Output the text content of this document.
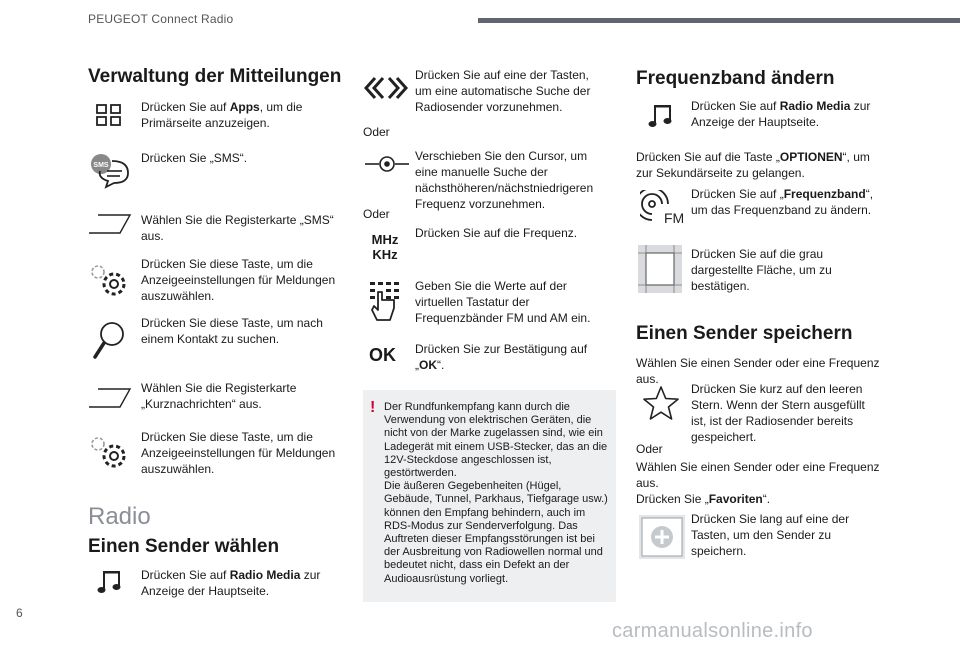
PEUGEOT Connect Radio
Verwaltung der Mitteilungen
Drücken Sie auf Apps, um die Primärseite anzuzeigen.
SMS
Drücken Sie „SMS“.
Wählen Sie die Registerkarte „SMS“ aus.
Drücken Sie diese Taste, um die Anzeigeeinstellungen für Meldungen auszuwählen.
Drücken Sie diese Taste, um nach einem Kontakt zu suchen.
Wählen Sie die Registerkarte „Kurznachrichten“ aus.
Drücken Sie diese Taste, um die Anzeigeeinstellungen für Meldungen auszuwählen.
Radio
Einen Sender wählen
Drücken Sie auf Radio Media zur Anzeige der Hauptseite.
Drücken Sie auf eine der Tasten, um eine automatische Suche der Radiosender vorzunehmen.
Oder
Verschieben Sie den Cursor, um eine manuelle Suche der nächsthöheren/nächstniedrigeren Frequenz vorzunehmen.
Oder
MHz
KHz
Drücken Sie auf die Frequenz.
Geben Sie die Werte auf der virtuellen Tastatur der Frequenzbänder FM und AM ein.
OK Drücken Sie zur Bestätigung auf „OK“.
! Der Rundfunkempfang kann durch die Verwendung von elektrischen Geräten, die nicht von der Marke zugelassen sind, wie ein Ladegerät mit einem USB-Stecker, das an die 12V-Steckdose angeschlossen ist, gestörtwerden.
Die äußeren Gegebenheiten (Hügel, Gebäude, Tunnel, Parkhaus, Tiefgarage usw.) können den Empfang behindern, auch im RDS-Modus zur Senderverfolgung. Das Auftreten dieser Empfangsstörungen ist bei der Ausbreitung von Radiowellen normal und bedeutet nicht, dass ein Defekt an der Audioausrüstung vorliegt.
Frequenzband ändern
Drücken Sie auf Radio Media zur Anzeige der Hauptseite.
Drücken Sie auf die Taste „OPTIONEN“, um zur Sekundärseite zu gelangen.
FM
Drücken Sie auf „Frequenzband“, um das Frequenzband zu ändern.
Drücken Sie auf die grau dargestellte Fläche, um zu bestätigen.
Einen Sender speichern
Wählen Sie einen Sender oder eine Frequenz aus.
Drücken Sie kurz auf den leeren Stern. Wenn der Stern ausgefüllt ist, ist der Radiosender bereits gespeichert.
Oder
Wählen Sie einen Sender oder eine Frequenz aus.
Drücken Sie „Favoriten“.
Drücken Sie lang auf eine der Tasten, um den Sender zu speichern.
6
carmanualsonline.info
